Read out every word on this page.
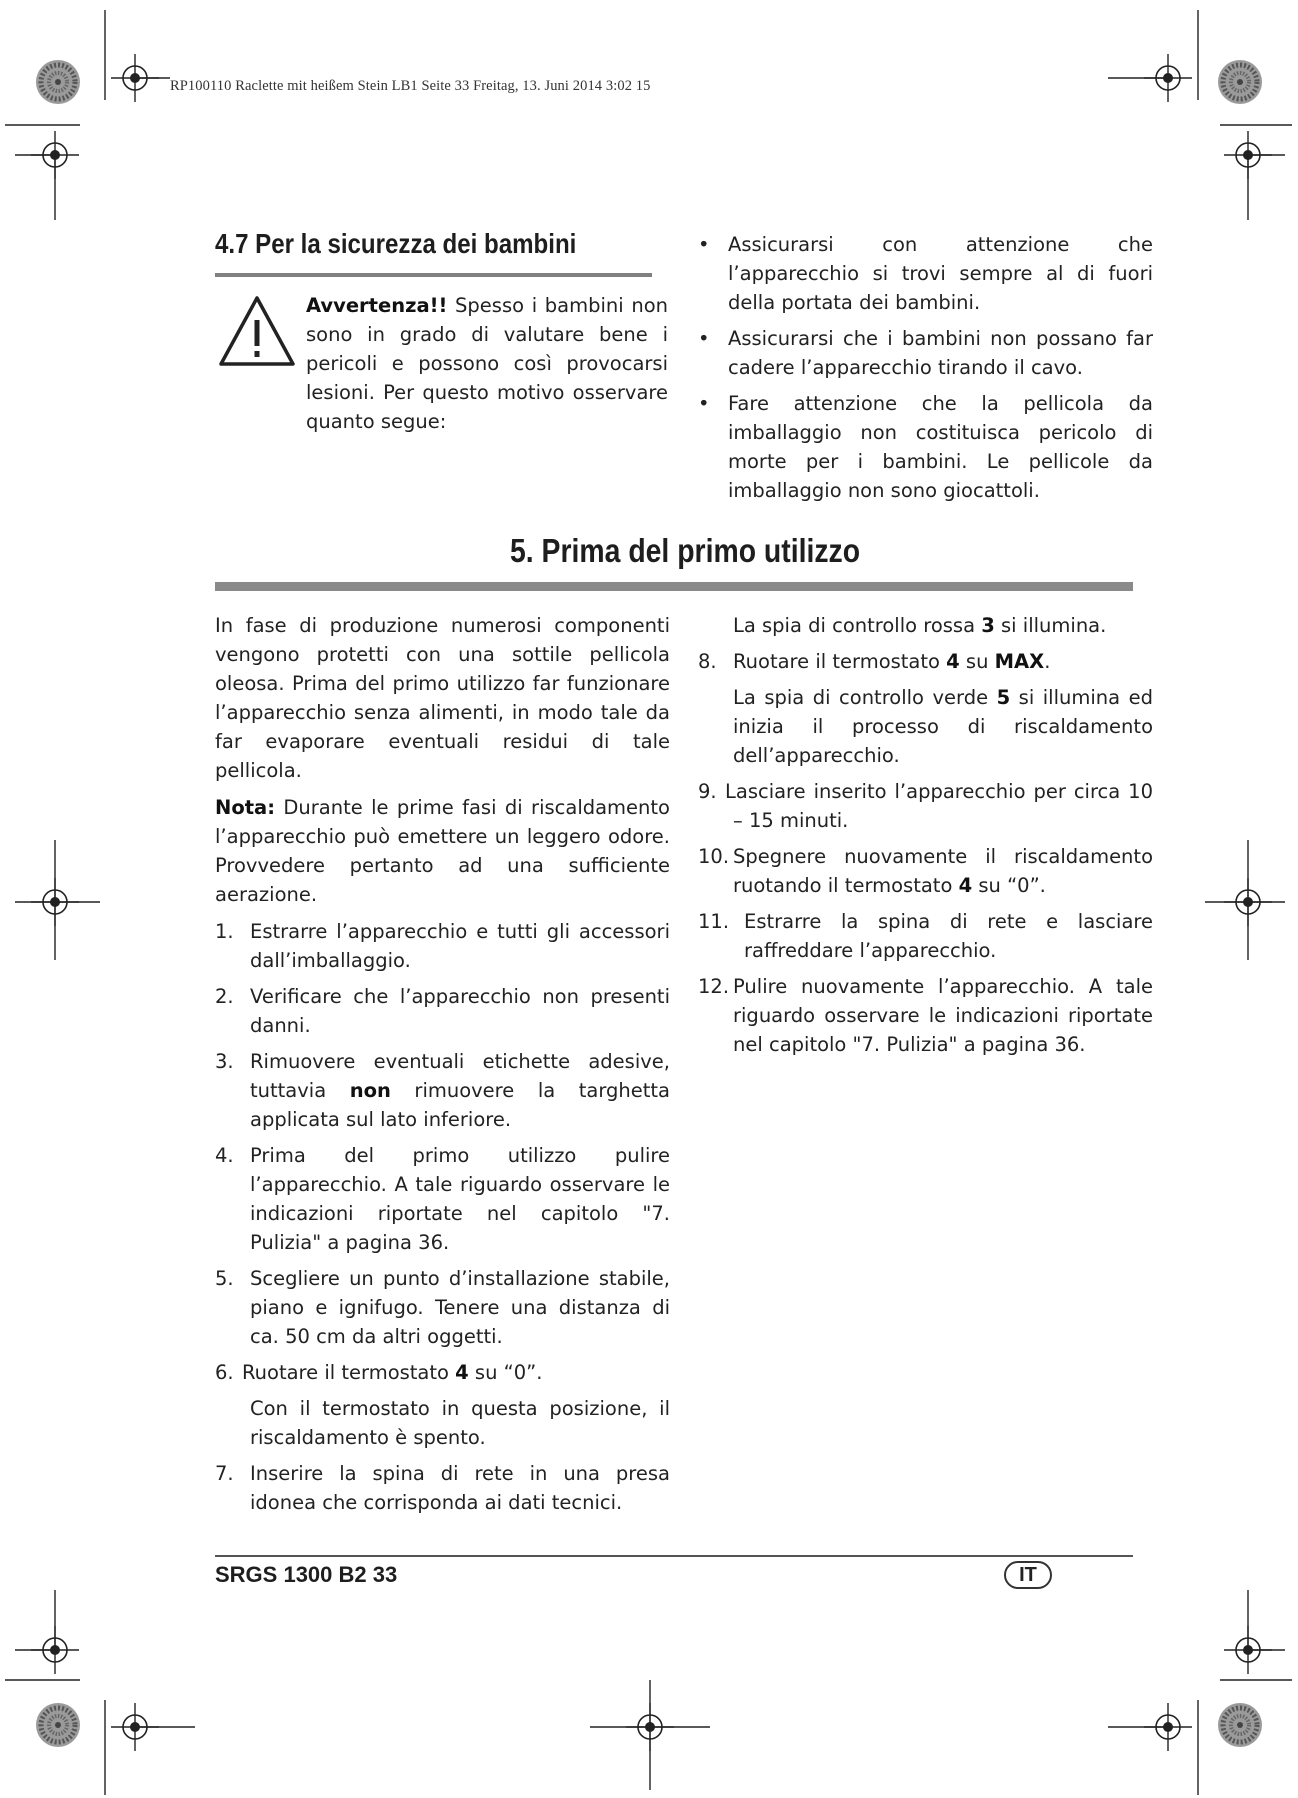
RP100110 Raclette mit heißem Stein LB1 Seite 33 Freitag, 13. Juni 2014 3:02 15
4.7 Per la sicurezza dei bambini
Avvertenza!! Spesso i bambini non sono in grado di valutare bene i pericoli e possono così provocarsi lesioni. Per questo motivo osservare quanto segue:
• Assicurarsi con attenzione che l’apparecchio si trovi sempre al di fuori della portata dei bambini.
• Assicurarsi che i bambini non possano far cadere l’apparecchio tirando il cavo.
• Fare attenzione che la pellicola da imballaggio non costituisca pericolo di morte per i bambini. Le pellicole da imballaggio non sono giocattoli.
5. Prima del primo utilizzo

In fase di produzione numerosi componenti vengono protetti con una sottile pellicola oleosa. Prima del primo utilizzo far funzionare l’apparecchio senza alimenti, in modo tale da far evaporare eventuali residui di tale pellicola.

Nota: Durante le prime fasi di riscaldamento l’apparecchio può emettere un leggero odore. Provvedere pertanto ad una sufficiente aerazione.

1. Estrarre l’apparecchio e tutti gli accessori dall’imballaggio.
2. Verificare che l’apparecchio non presenti danni.
3. Rimuovere eventuali etichette adesive, tuttavia non rimuovere la targhetta applicata sul lato inferiore.
4. Prima del primo utilizzo pulire l’apparecchio. A tale riguardo osservare le indicazioni riportate nel capitolo "7. Pulizia" a pagina 36.
5. Scegliere un punto d’installazione stabile, piano e ignifugo. Tenere una distanza di ca. 50 cm da altri oggetti.
6. Ruotare il termostato 4 su “0”.

Con il termostato in questa posizione, il riscaldamento è spento.

7. Inserire la spina di rete in una presa idonea che corrisponda ai dati tecnici.

La spia di controllo rossa 3 si illumina.

8. Ruotare il termostato 4 su MAX.

La spia di controllo verde 5 si illumina ed inizia il processo di riscaldamento dell’apparecchio.

9. Lasciare inserito l’apparecchio per circa 10 – 15 minuti.
10. Spegnere nuovamente il riscaldamento ruotando il termostato 4 su “0”.
11. Estrarre la spina di rete e lasciare raffreddare l’apparecchio.
12. Pulire nuovamente l’apparecchio. A tale riguardo osservare le indicazioni riportate nel capitolo "7. Pulizia" a pagina 36.
SRGS 1300 B2 33	IT
